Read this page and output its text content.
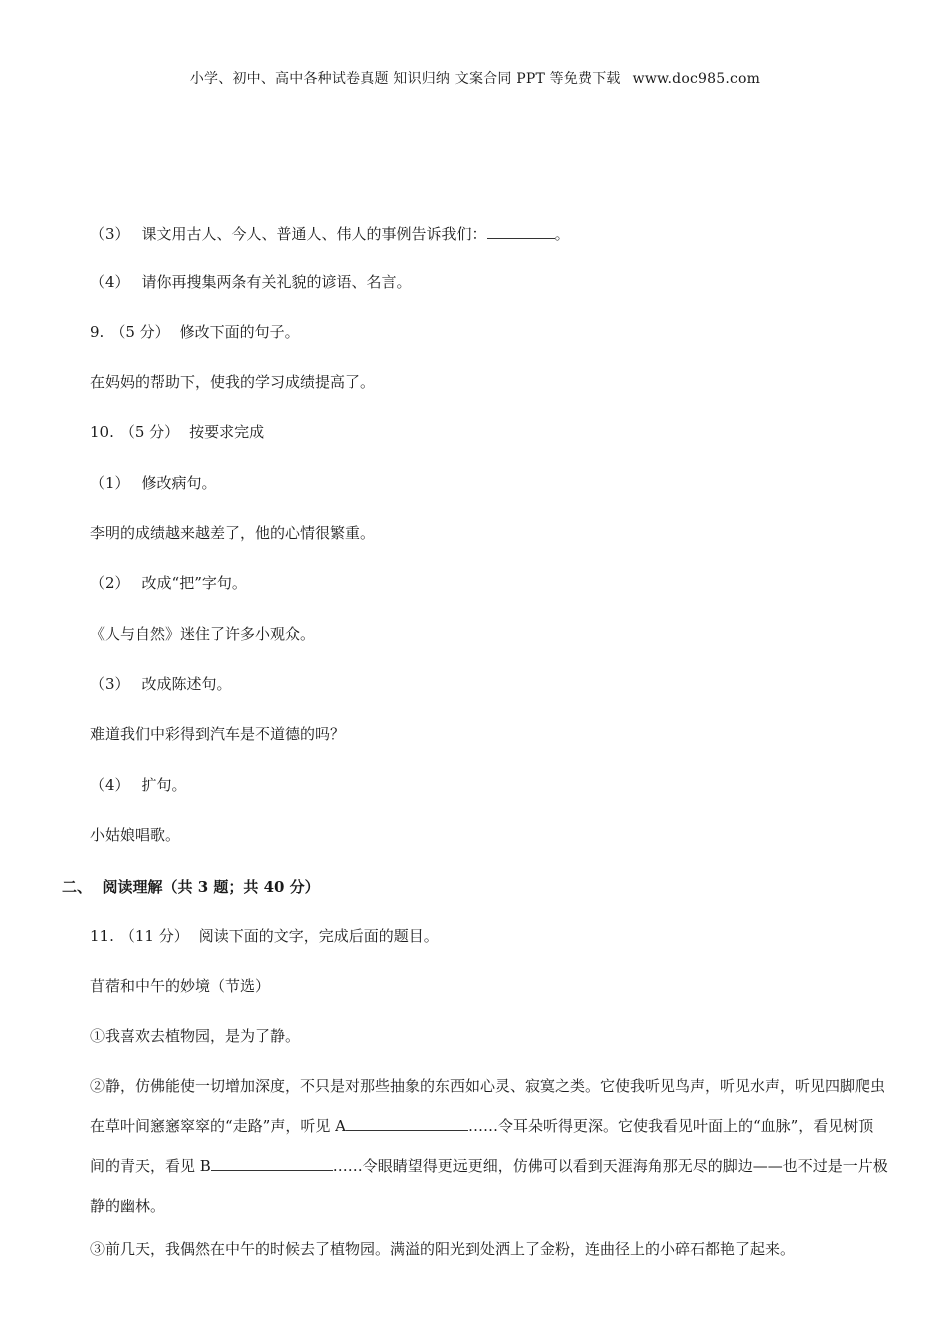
小学、初中、高中各种试卷真题 知识归纳 文案合同 PPT 等免费下载 www.doc985.com
（3） 课文用古人、今人、普通人、伟人的事例告诉我们：	。
（4） 请你再搜集两条有关礼貌的谚语、名言。
9. （5 分） 修改下面的句子。
在妈妈的帮助下，使我的学习成绩提高了。
10. （5 分） 按要求完成
（1） 修改病句。
李明的成绩越来越差了，他的心情很繁重。
（2） 改成“把”字句。
《人与自然》迷住了许多小观众。
（3） 改成陈述句。
难道我们中彩得到汽车是不道德的吗？
（4） 扩句。
小姑娘唱歌。
二、 阅读理解（共 3 题；共 40 分）
11. （11 分） 阅读下面的文字，完成后面的题目。
苜蓿和中午的妙境（节选）
①我喜欢去植物园，是为了静。
②静，仿佛能使一切增加深度，不只是对那些抽象的东西如心灵、寂寞之类。它使我听见鸟声，听见水声，听见四脚爬虫在草叶间窸窸窣窣的“走路”声，听见 A	……令耳朵听得更深。它使我看见叶面上的“血脉”，看见树顶间的青天，看见 B	……令眼睛望得更远更细，仿佛可以看到天涯海角那无尽的脚边——也不过是一片极静的幽林。
③前几天，我偶然在中午的时候去了植物园。满溢的阳光到处洒上了金粉，连曲径上的小碎石都艳了起来。
